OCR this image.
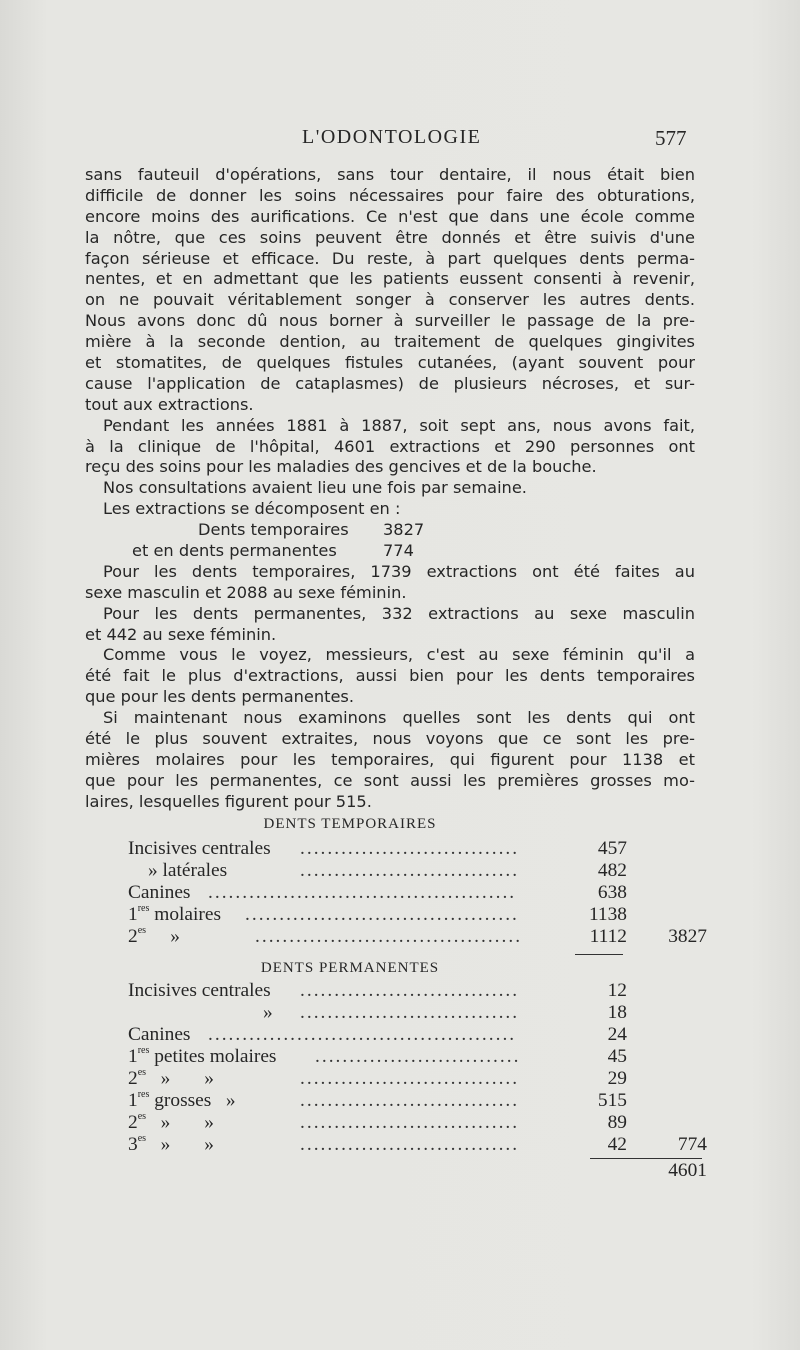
L'ODONTOLOGIE	577
sans fauteuil d'opérations, sans tour dentaire, il nous était bien
difficile de donner les soins nécessaires pour faire des obturations,
encore moins des aurifications. Ce n'est que dans une école comme
la nôtre, que ces soins peuvent être donnés et être suivis d'une
façon sérieuse et efficace. Du reste, à part quelques dents perma-
nentes, et en admettant que les patients eussent consenti à revenir,
on ne pouvait véritablement songer à conserver les autres dents.
Nous avons donc dû nous borner à surveiller le passage de la pre-
mière à la seconde dention, au traitement de quelques gingivites
et stomatites, de quelques fistules cutanées, (ayant souvent pour
cause l'application de cataplasmes) de plusieurs nécroses, et sur-
tout aux extractions.
Pendant les années 1881 à 1887, soit sept ans, nous avons fait,
à la clinique de l'hôpital, 4601 extractions et 290 personnes ont
reçu des soins pour les maladies des gencives et de la bouche.
Nos consultations avaient lieu une fois par semaine.
Les extractions se décomposent en :
Dents temporaires 3827
et en dents permanentes	774
Pour les dents temporaires, 1739 extractions ont été faites au
sexe masculin et 2088 au sexe féminin.
Pour les dents permanentes, 332 extractions au sexe masculin
et 442 au sexe féminin.
Comme vous le voyez, messieurs, c'est au sexe féminin qu'il a
été fait le plus d'extractions, aussi bien pour les dents temporaires
que pour les dents permanentes.
Si maintenant nous examinons quelles sont les dents qui ont
été le plus souvent extraites, nous voyons que ce sont les pre-
mières molaires pour les temporaires, qui figurent pour 1138 et
que pour les permanentes, ce sont aussi les premières grosses mo-
laires, lesquelles figurent pour 515.
DENTS TEMPORAIRES
Incisives centrales ................................	457
» latérales	................................	482
Canines .............................................	638
1res molaires ........................................	1138
$2^{es}$ »	.......................................	1112	3827
DENTS PERMANENTES
Incisives centrales ................................	12
» ................................	18
Canines .............................................	24
1res petites molaires ..............................	45
$2^{es}$ »       »	................................	29
1res grosses   »	................................	515
$2^{es}$ »       »	................................	89
$3^{es}$ »       »	................................	42	774
4601
